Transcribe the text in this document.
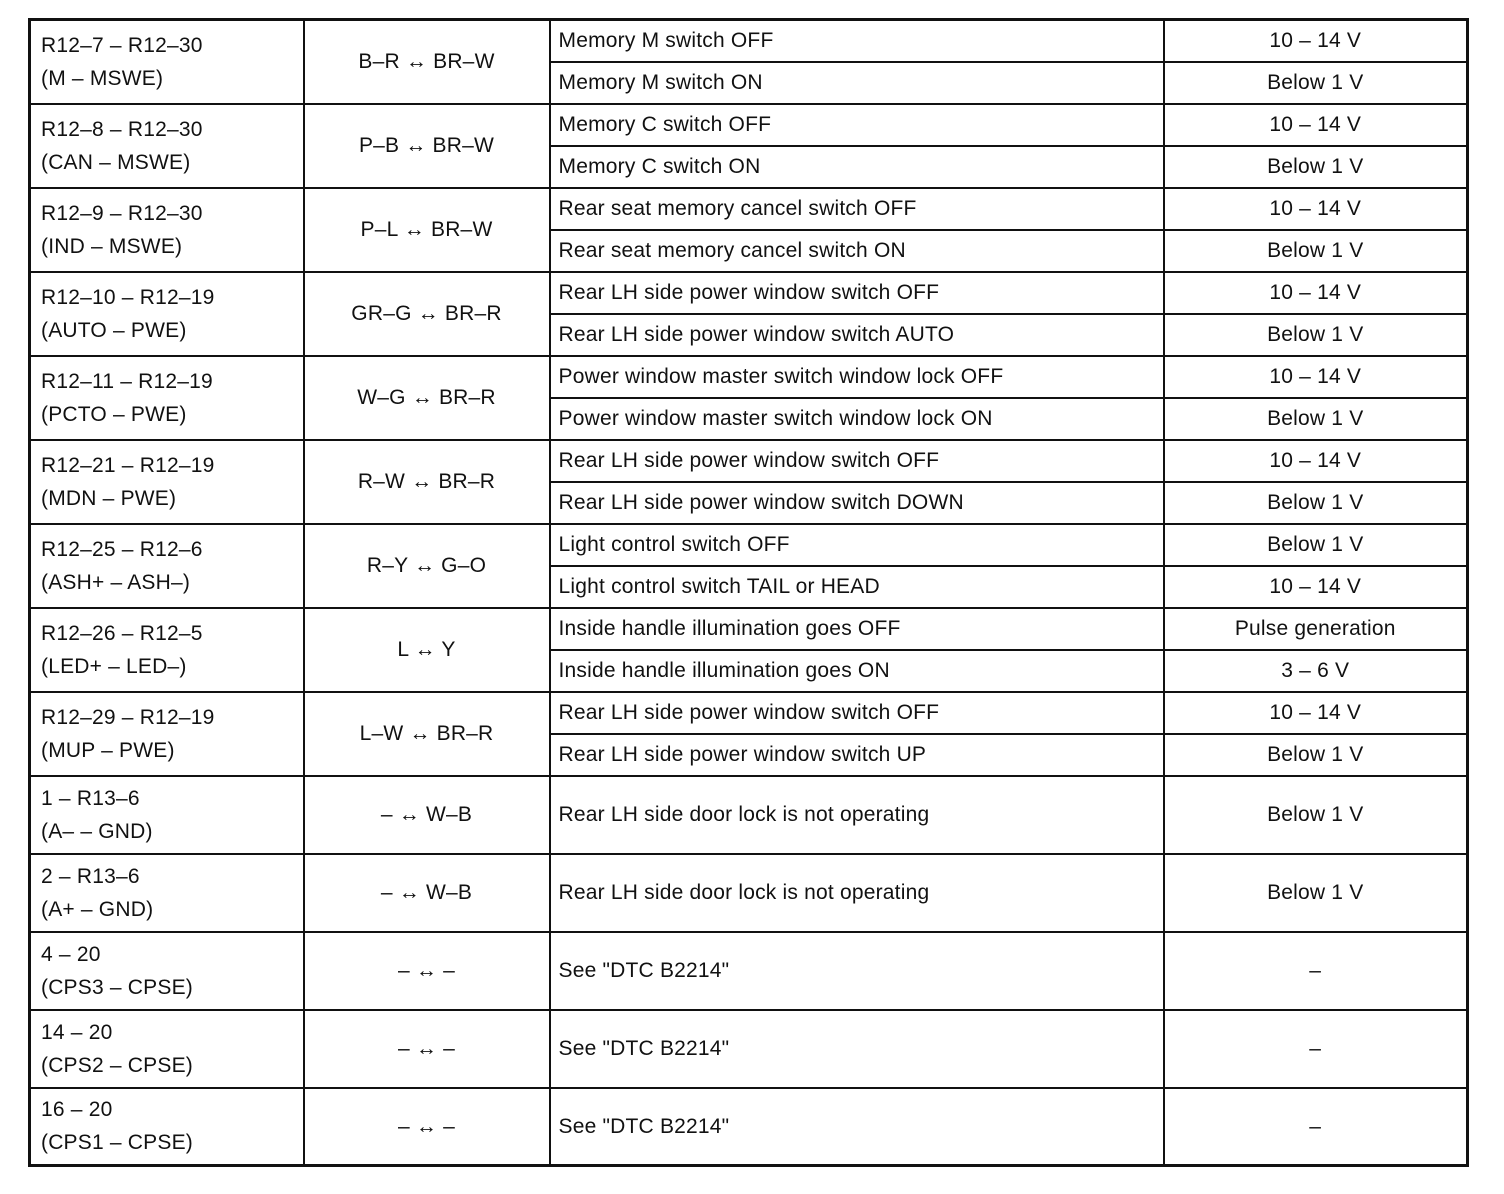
R12–7 – R12–30
(M – MSWE)	B–R ↔ BR–W	Memory M switch OFF	10 – 14 V
		Memory M switch ON	Below 1 V

R12–8 – R12–30
(CAN – MSWE)	P–B ↔ BR–W	Memory C switch OFF	10 – 14 V
		Memory C switch ON	Below 1 V

R12–9 – R12–30
(IND – MSWE)	P–L ↔ BR–W	Rear seat memory cancel switch OFF	10 – 14 V
		Rear seat memory cancel switch ON	Below 1 V

R12–10 – R12–19
(AUTO – PWE)	GR–G ↔ BR–R	Rear LH side power window switch OFF	10 – 14 V
		Rear LH side power window switch AUTO	Below 1 V

R12–11 – R12–19
(PCTO – PWE)	W–G ↔ BR–R	Power window master switch window lock OFF	10 – 14 V
		Power window master switch window lock ON	Below 1 V

R12–21 – R12–19
(MDN – PWE)	R–W ↔ BR–R	Rear LH side power window switch OFF	10 – 14 V
		Rear LH side power window switch DOWN	Below 1 V

R12–25 – R12–6
(ASH+ – ASH–)	R–Y ↔ G–O	Light control switch OFF	Below 1 V
		Light control switch TAIL or HEAD	10 – 14 V

R12–26 – R12–5
(LED+ – LED–)	L ↔ Y	Inside handle illumination goes OFF	Pulse generation
		Inside handle illumination goes ON	3 – 6 V

R12–29 – R12–19
(MUP – PWE)	L–W ↔ BR–R	Rear LH side power window switch OFF	10 – 14 V
		Rear LH side power window switch UP	Below 1 V

1 – R13–6
(A– – GND)	– ↔ W–B	Rear LH side door lock is not operating	Below 1 V

2 – R13–6
(A+ – GND)	– ↔ W–B	Rear LH side door lock is not operating	Below 1 V

4 – 20
(CPS3 – CPSE)	– ↔ –	See "DTC B2214"	–

14 – 20
(CPS2 – CPSE)	– ↔ –	See "DTC B2214"	–

16 – 20
(CPS1 – CPSE)	– ↔ –	See "DTC B2214"	–
